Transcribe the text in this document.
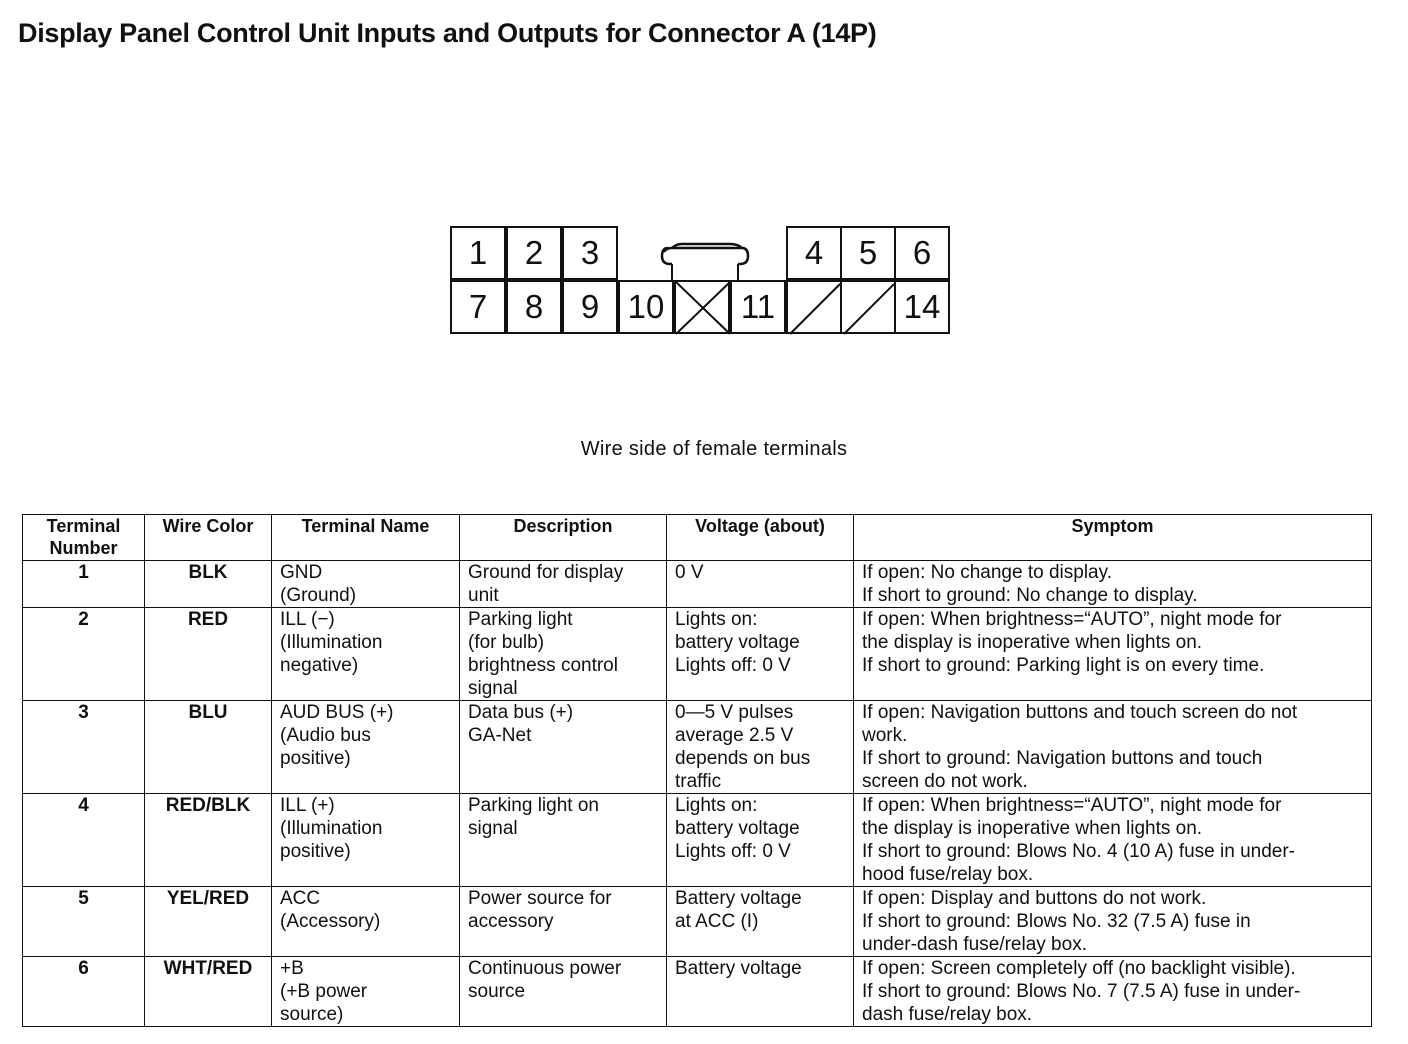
Display Panel Control Unit Inputs and Outputs for Connector A (14P)
1	2	3	4	5	6
7	8	9 10	11	14
Wire side of female terminals
Terminal Number	Wire Color	Terminal Name	Description	Voltage (about)	Symptom
1	BLK	GND
(Ground)	Ground for display
unit	0 V	If open: No change to display.
If short to ground: No change to display.

2	RED	ILL (−)
(Illumination
negative)	Parking light
(for bulb)
brightness control
signal	Lights on:
battery voltage
Lights off: 0 V	If open: When brightness=“AUTO”, night mode for
the display is inoperative when lights on.
If short to ground: Parking light is on every time.

3	BLU	AUD BUS (+)
(Audio bus
positive)	Data bus (+)
GA-Net	0—5 V pulses
average 2.5 V
depends on bus
traffic	If open: Navigation buttons and touch screen do not
work.
If short to ground: Navigation buttons and touch
screen do not work.

4	RED/BLK	ILL (+)
(Illumination
positive)	Parking light on
signal	Lights on:
battery voltage
Lights off: 0 V	If open: When brightness=“AUTO”, night mode for
the display is inoperative when lights on.
If short to ground: Blows No. 4 (10 A) fuse in under-
hood fuse/relay box.

5	YEL/RED	ACC
(Accessory)	Power source for
accessory	Battery voltage
at ACC (I)	If open: Display and buttons do not work.
If short to ground: Blows No. 32 (7.5 A) fuse in
under-dash fuse/relay box.

6	WHT/RED	+B
(+B power
source)	Continuous power
source	Battery voltage	If open: Screen completely off (no backlight visible).
If short to ground: Blows No. 7 (7.5 A) fuse in under-
dash fuse/relay box.
